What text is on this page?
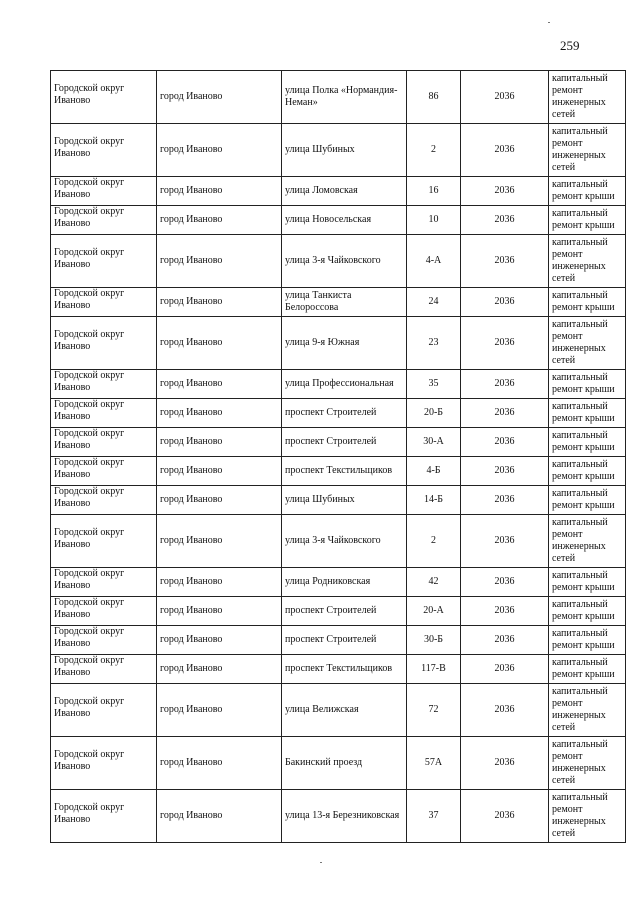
259
Городской округ Иваново	город Иваново	улица Полка «Нормандия-Неман»	86	2036	капитальный ремонт инженерных сетей

Городской округ Иваново	город Иваново	улица Шубиных	2	2036	капитальный ремонт инженерных сетей

Городской округ Иваново	город Иваново	улица Ломовская	16	2036	капитальный ремонт крыши

Городской округ Иваново	город Иваново	улица Новосельская	10	2036	капитальный ремонт крыши

Городской округ Иваново	город Иваново	улица 3-я Чайковского	4-А	2036	капитальный ремонт инженерных сетей

Городской округ Иваново	город Иваново	улица Танкиста Белороссова	24	2036	капитальный ремонт крыши

Городской округ Иваново	город Иваново	улица 9-я Южная	23	2036	капитальный ремонт инженерных сетей

Городской округ Иваново	город Иваново	улица Профессиональная	35	2036	капитальный ремонт крыши

Городской округ Иваново	город Иваново	проспект Строителей	20-Б	2036	капитальный ремонт крыши

Городской округ Иваново	город Иваново	проспект Строителей	30-А	2036	капитальный ремонт крыши

Городской округ Иваново	город Иваново	проспект Текстильщиков	4-Б	2036	капитальный ремонт крыши

Городской округ Иваново	город Иваново	улица Шубиных	14-Б	2036	капитальный ремонт крыши

Городской округ Иваново	город Иваново	улица 3-я Чайковского	2	2036	капитальный ремонт инженерных сетей

Городской округ Иваново	город Иваново	улица Родниковская	42	2036	капитальный ремонт крыши

Городской округ Иваново	город Иваново	проспект Строителей	20-А	2036	капитальный ремонт крыши

Городской округ Иваново	город Иваново	проспект Строителей	30-Б	2036	капитальный ремонт крыши

Городской округ Иваново	город Иваново	проспект Текстильщиков	117-В	2036	капитальный ремонт крыши

Городской округ Иваново	город Иваново	улица Велижская	72	2036	капитальный ремонт инженерных сетей

Городской округ Иваново	город Иваново	Бакинский проезд	57А	2036	капитальный ремонт инженерных сетей

Городской округ Иваново	город Иваново	улица 13-я Березниковская	37	2036	капитальный ремонт инженерных сетей
